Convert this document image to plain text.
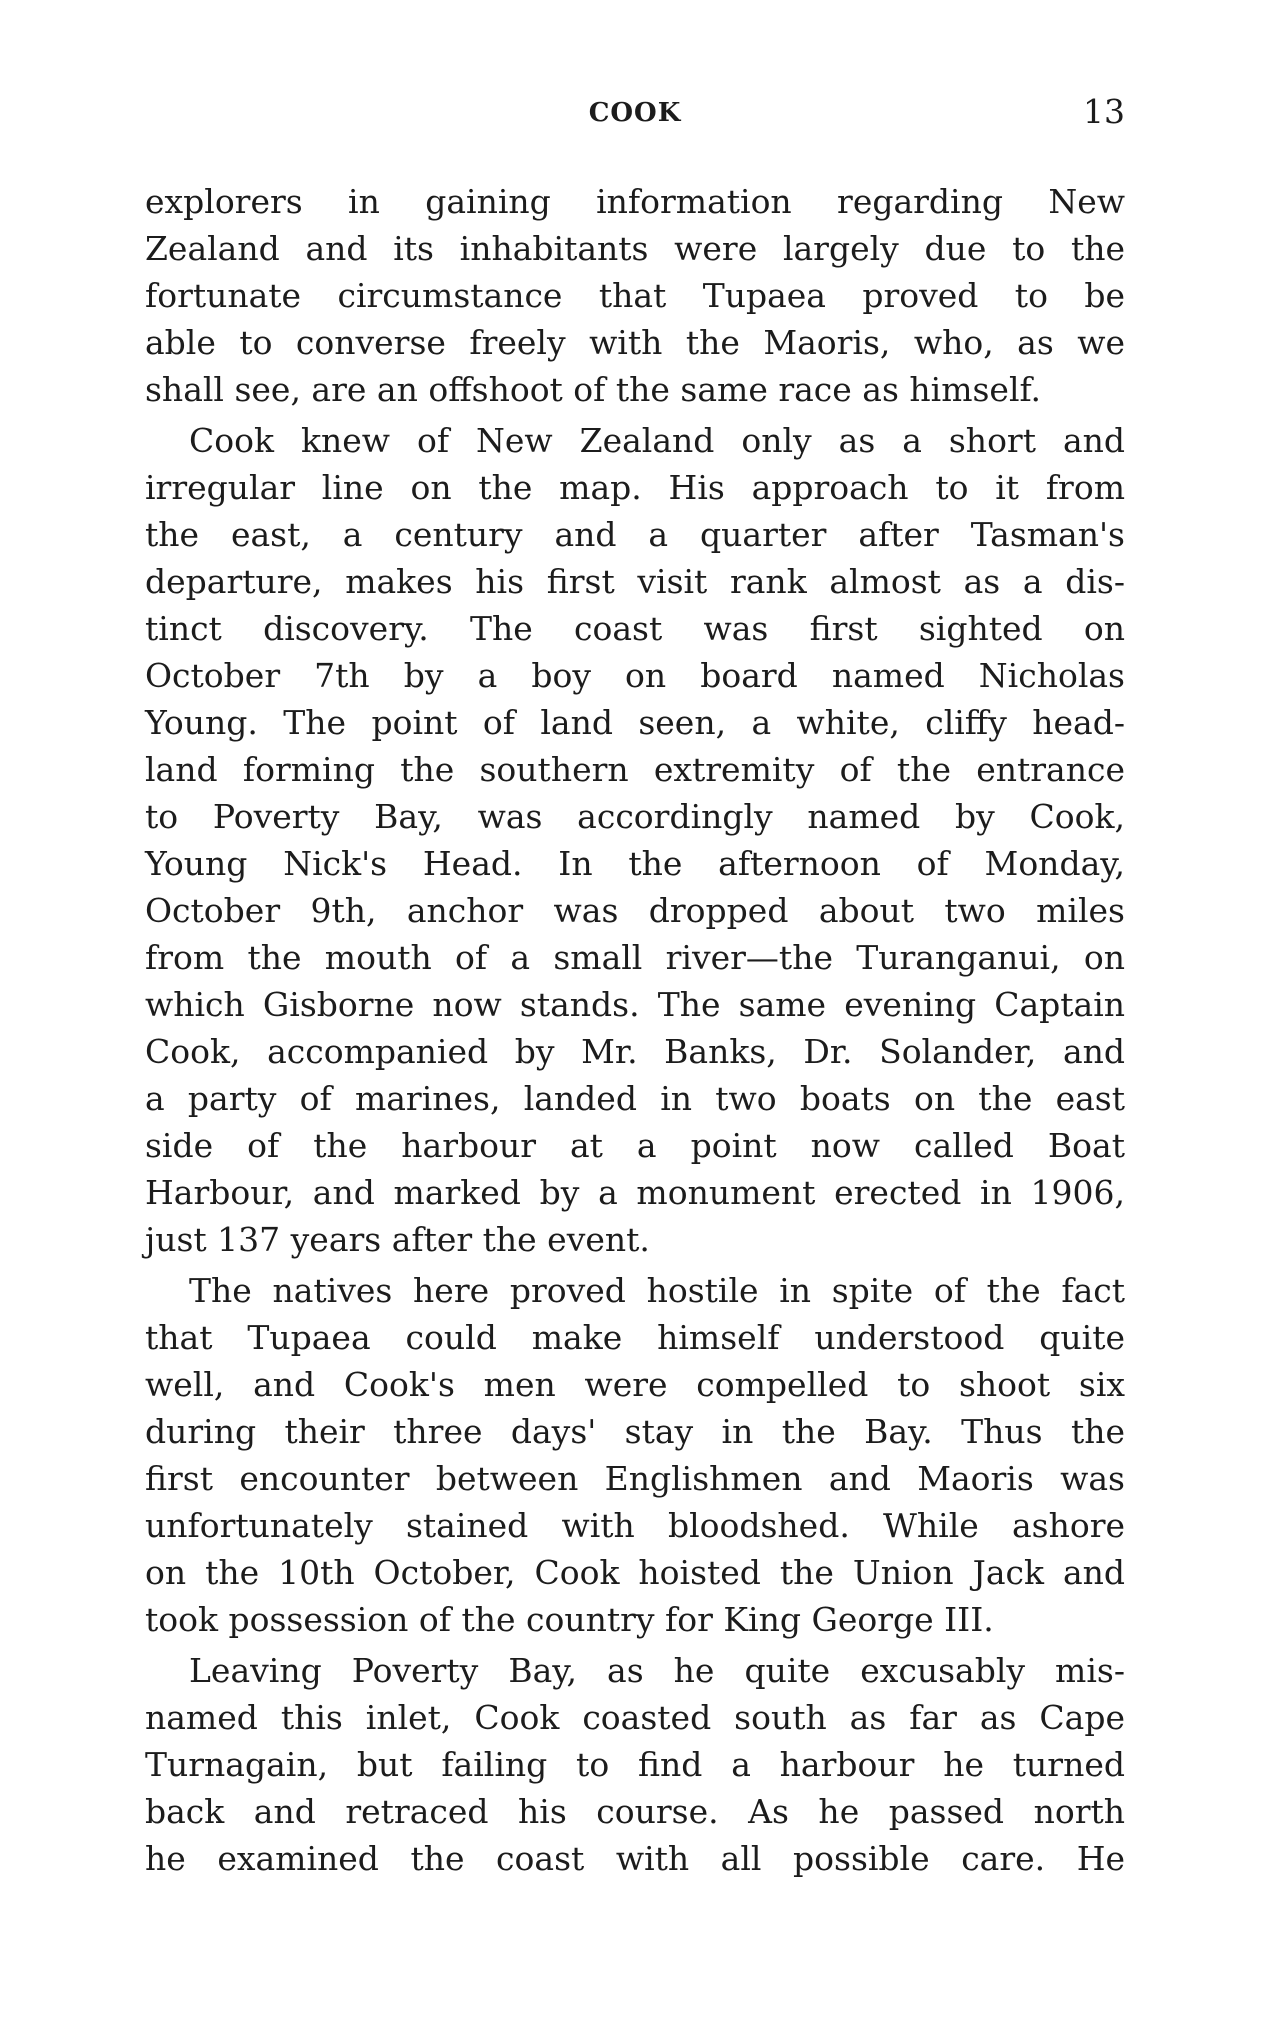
COOK	13
explorers in gaining information regarding New
Zealand and its inhabitants were largely due to the
fortunate circumstance that Tupaea proved to be
able to converse freely with the Maoris, who, as we
shall see, are an offshoot of the same race as himself.
Cook knew of New Zealand only as a short and
irregular line on the map. His approach to it from
the east, a century and a quarter after Tasman's
departure, makes his first visit rank almost as a dis-
tinct discovery. The coast was first sighted on
October 7th by a boy on board named Nicholas
Young. The point of land seen, a white, cliffy head-
land forming the southern extremity of the entrance
to Poverty Bay, was accordingly named by Cook,
Young Nick's Head. In the afternoon of Monday,
October 9th, anchor was dropped about two miles
from the mouth of a small river—the Turanganui, on
which Gisborne now stands. The same evening Captain
Cook, accompanied by Mr. Banks, Dr. Solander, and
a party of marines, landed in two boats on the east
side of the harbour at a point now called Boat
Harbour, and marked by a monument erected in 1906,
just 137 years after the event.
The natives here proved hostile in spite of the fact
that Tupaea could make himself understood quite
well, and Cook's men were compelled to shoot six
during their three days' stay in the Bay. Thus the
first encounter between Englishmen and Maoris was
unfortunately stained with bloodshed. While ashore
on the 10th October, Cook hoisted the Union Jack and
took possession of the country for King George III.
Leaving Poverty Bay, as he quite excusably mis-
named this inlet, Cook coasted south as far as Cape
Turnagain, but failing to find a harbour he turned
back and retraced his course. As he passed north
he examined the coast with all possible care. He
